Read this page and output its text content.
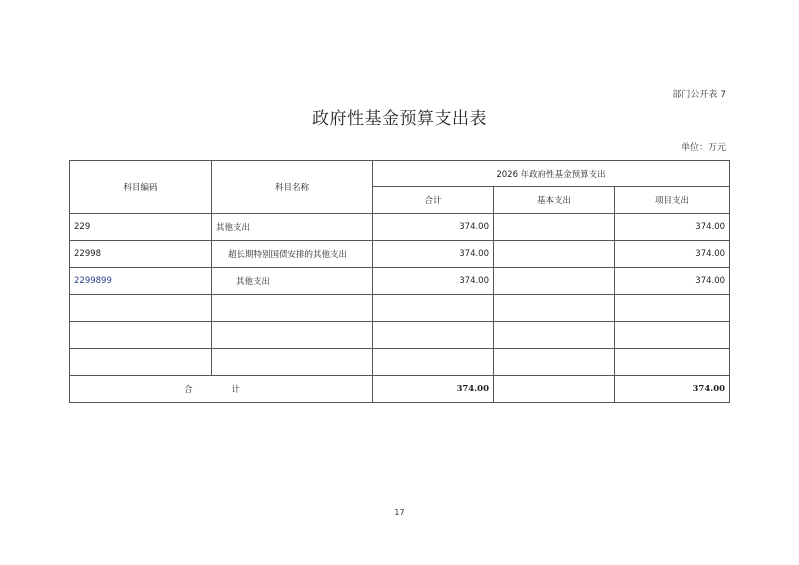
部门公开表 7
政府性基金预算支出表
单位：万元
科目编码	科目名称	2026 年政府性基金预算支出		
		合计	基本支出	项目支出
229	其他支出	374.00		374.00
22998	超长期特别国债安排的其他支出	374.00		374.00
2299899	其他支出	374.00		374.00

合 计		374.00		374.00
17
